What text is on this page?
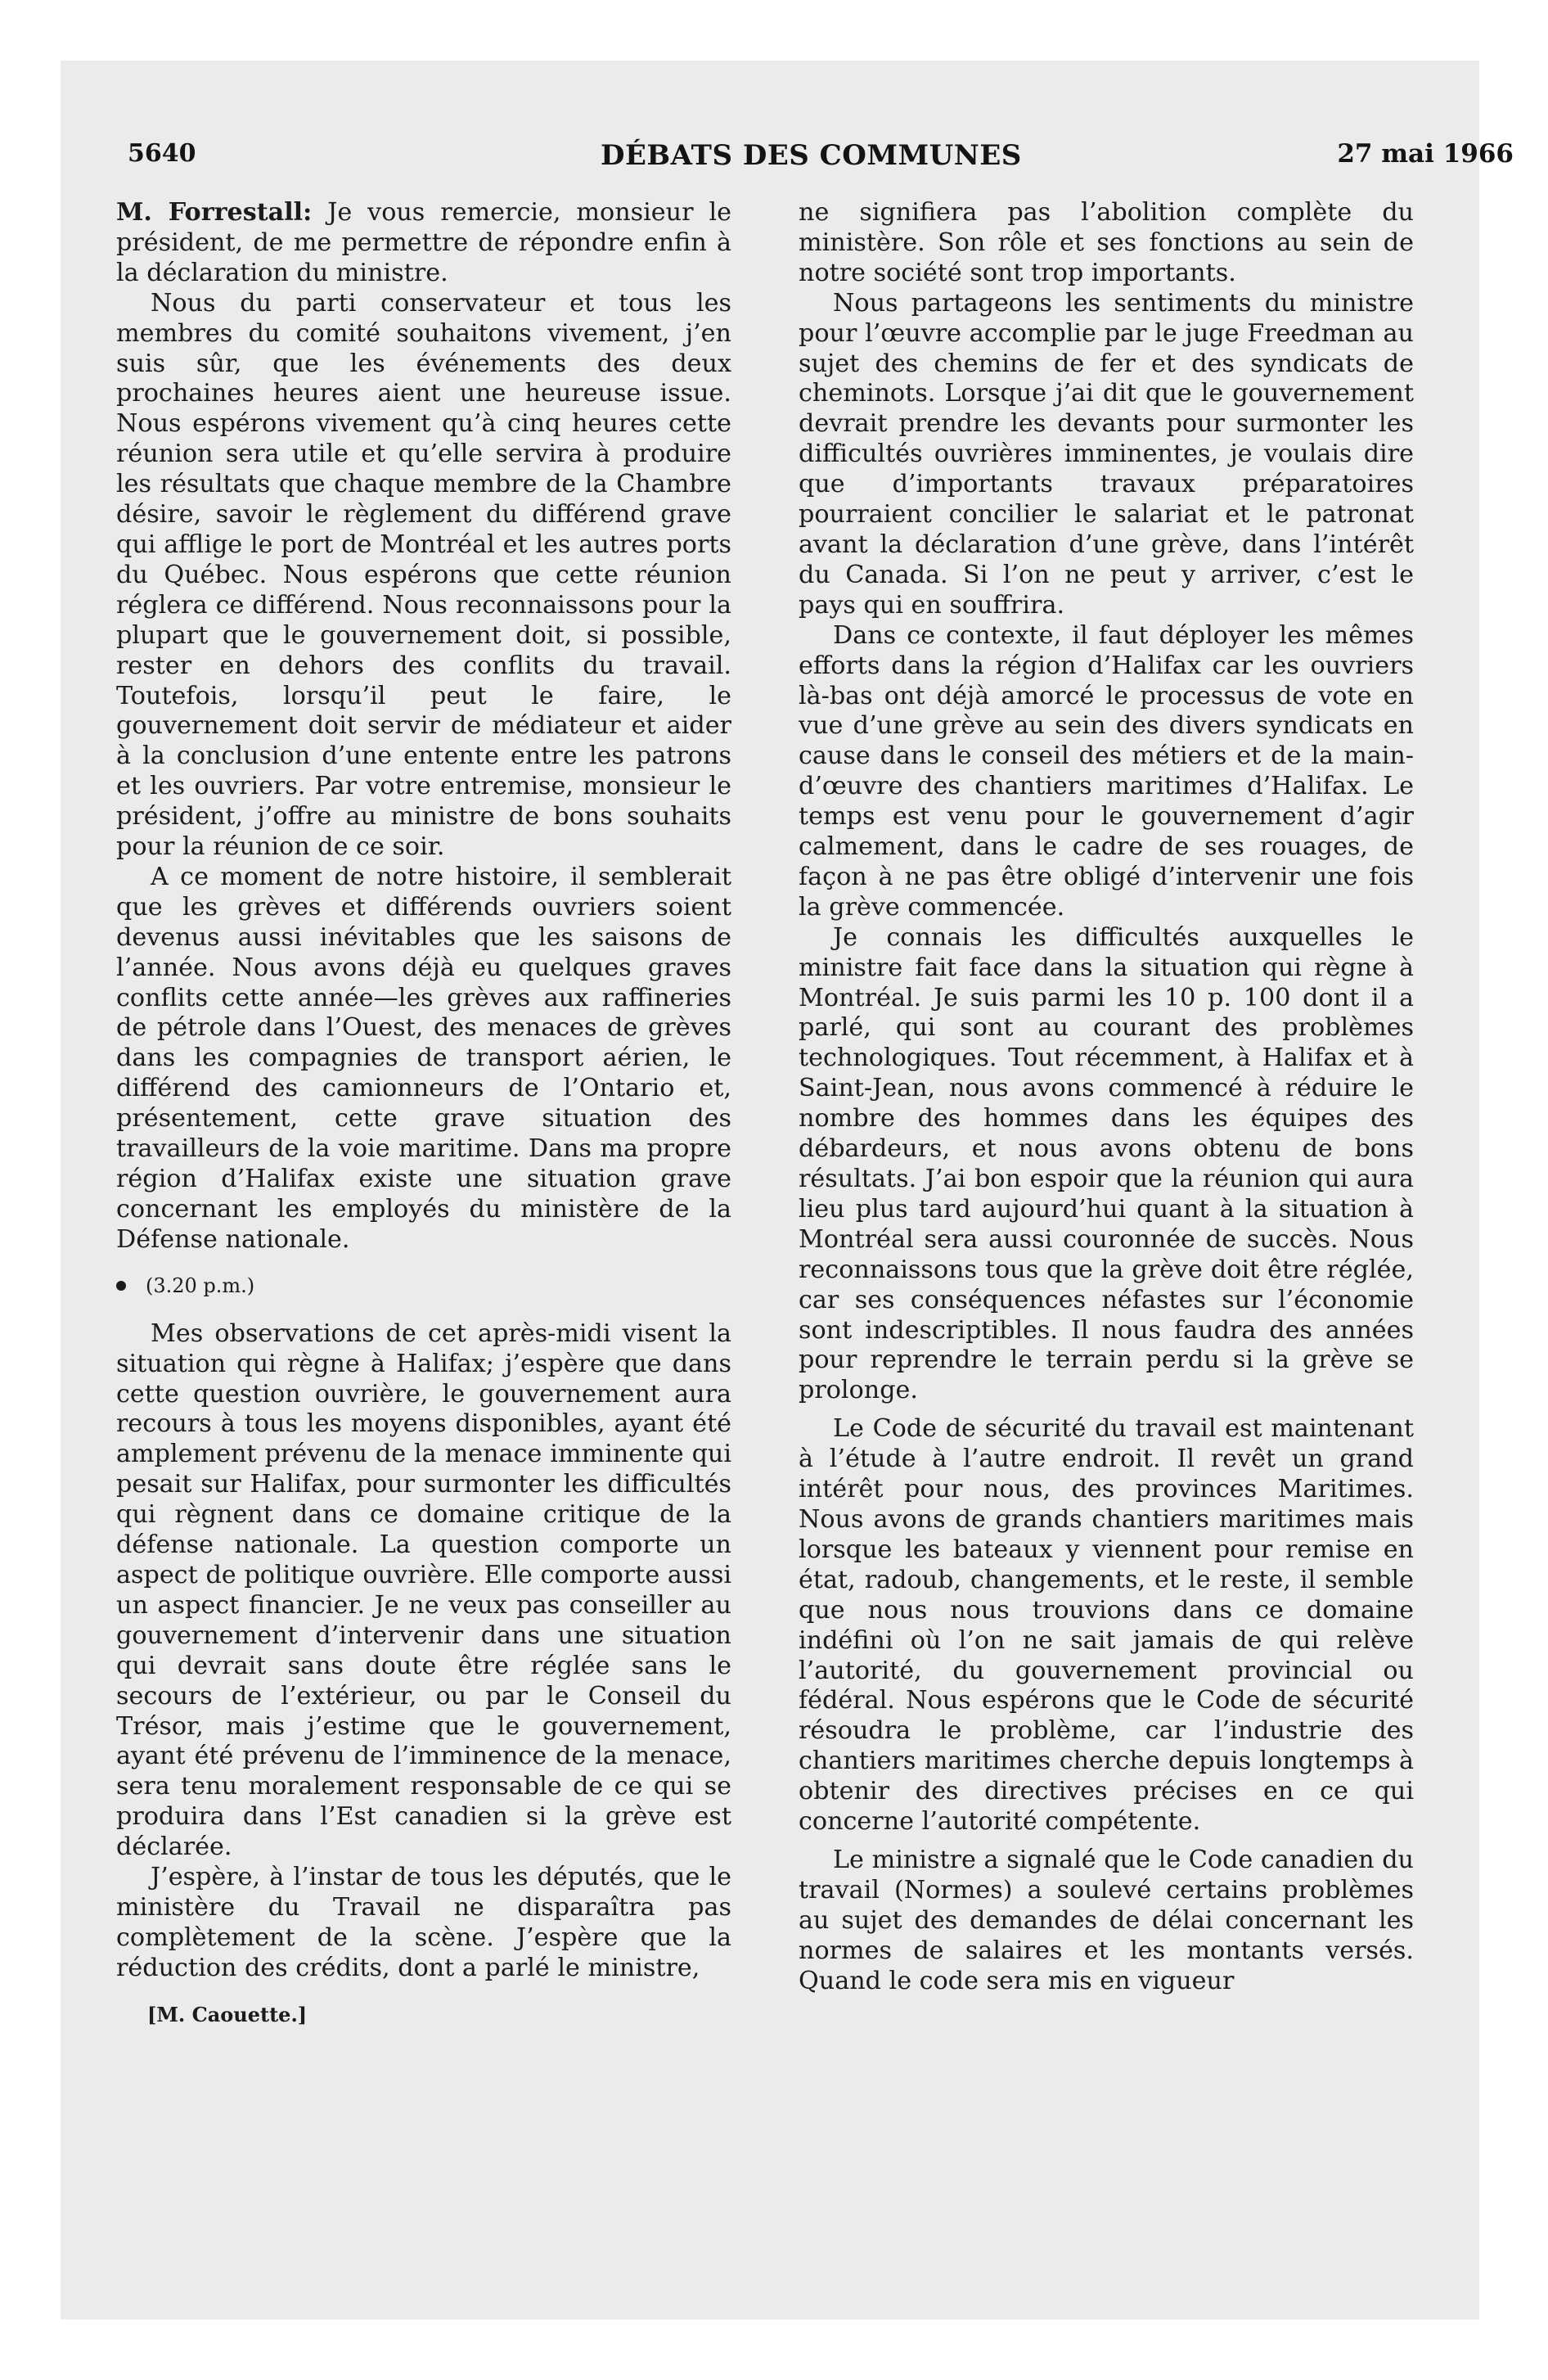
5640	DÉBATS DES COMMUNES	27 mai 1966

M. Forrestall: Je vous remercie, monsieur le président, de me permettre de répondre enfin à la déclaration du ministre.

Nous du parti conservateur et tous les membres du comité souhaitons vivement, j’en suis sûr, que les événements des deux prochaines heures aient une heureuse issue. Nous espérons vivement qu’à cinq heures cette réunion sera utile et qu’elle servira à produire les résultats que chaque membre de la Chambre désire, savoir le règlement du différend grave qui afflige le port de Montréal et les autres ports du Québec. Nous espérons que cette réunion réglera ce différend. Nous reconnaissons pour la plupart que le gouvernement doit, si possible, rester en dehors des conflits du travail. Toutefois, lorsqu’il peut le faire, le gouvernement doit servir de médiateur et aider à la conclusion d’une entente entre les patrons et les ouvriers. Par votre entremise, monsieur le président, j’offre au ministre de bons souhaits pour la réunion de ce soir.

A ce moment de notre histoire, il semblerait que les grèves et différends ouvriers soient devenus aussi inévitables que les saisons de l’année. Nous avons déjà eu quelques graves conflits cette année—les grèves aux raffineries de pétrole dans l’Ouest, des menaces de grèves dans les compagnies de transport aérien, le différend des camionneurs de l’Ontario et, présentement, cette grave situation des travailleurs de la voie maritime. Dans ma propre région d’Halifax existe une situation grave concernant les employés du ministère de la Défense nationale.

(3.20 p.m.)

Mes observations de cet après-midi visent la situation qui règne à Halifax; j’espère que dans cette question ouvrière, le gouvernement aura recours à tous les moyens disponibles, ayant été amplement prévenu de la menace imminente qui pesait sur Halifax, pour surmonter les difficultés qui règnent dans ce domaine critique de la défense nationale. La question comporte un aspect de politique ouvrière. Elle comporte aussi un aspect financier. Je ne veux pas conseiller au gouvernement d’intervenir dans une situation qui devrait sans doute être réglée sans le secours de l’extérieur, ou par le Conseil du Trésor, mais j’estime que le gouvernement, ayant été prévenu de l’imminence de la menace, sera tenu moralement responsable de ce qui se produira dans l’Est canadien si la grève est déclarée.

J’espère, à l’instar de tous les députés, que le ministère du Travail ne disparaîtra pas complètement de la scène. J’espère que la réduction des crédits, dont a parlé le ministre,

[M. Caouette.]

ne signifiera pas l’abolition complète du ministère. Son rôle et ses fonctions au sein de notre société sont trop importants.

Nous partageons les sentiments du ministre pour l’œuvre accomplie par le juge Freedman au sujet des chemins de fer et des syndicats de cheminots. Lorsque j’ai dit que le gouvernement devrait prendre les devants pour surmonter les difficultés ouvrières imminentes, je voulais dire que d’importants travaux préparatoires pourraient concilier le salariat et le patronat avant la déclaration d’une grève, dans l’intérêt du Canada. Si l’on ne peut y arriver, c’est le pays qui en souffrira.

Dans ce contexte, il faut déployer les mêmes efforts dans la région d’Halifax car les ouvriers là-bas ont déjà amorcé le processus de vote en vue d’une grève au sein des divers syndicats en cause dans le conseil des métiers et de la main-d’œuvre des chantiers maritimes d’Halifax. Le temps est venu pour le gouvernement d’agir calmement, dans le cadre de ses rouages, de façon à ne pas être obligé d’intervenir une fois la grève commencée.

Je connais les difficultés auxquelles le ministre fait face dans la situation qui règne à Montréal. Je suis parmi les 10 p. 100 dont il a parlé, qui sont au courant des problèmes technologiques. Tout récemment, à Halifax et à Saint-Jean, nous avons commencé à réduire le nombre des hommes dans les équipes des débardeurs, et nous avons obtenu de bons résultats. J’ai bon espoir que la réunion qui aura lieu plus tard aujourd’hui quant à la situation à Montréal sera aussi couronnée de succès. Nous reconnaissons tous que la grève doit être réglée, car ses conséquences néfastes sur l’économie sont indescriptibles. Il nous faudra des années pour reprendre le terrain perdu si la grève se prolonge.

Le Code de sécurité du travail est maintenant à l’étude à l’autre endroit. Il revêt un grand intérêt pour nous, des provinces Maritimes. Nous avons de grands chantiers maritimes mais lorsque les bateaux y viennent pour remise en état, radoub, changements, et le reste, il semble que nous nous trouvions dans ce domaine indéfini où l’on ne sait jamais de qui relève l’autorité, du gouvernement provincial ou fédéral. Nous espérons que le Code de sécurité résoudra le problème, car l’industrie des chantiers maritimes cherche depuis longtemps à obtenir des directives précises en ce qui concerne l’autorité compétente.

Le ministre a signalé que le Code canadien du travail (Normes) a soulevé certains problèmes au sujet des demandes de délai concernant les normes de salaires et les montants versés. Quand le code sera mis en vigueur
